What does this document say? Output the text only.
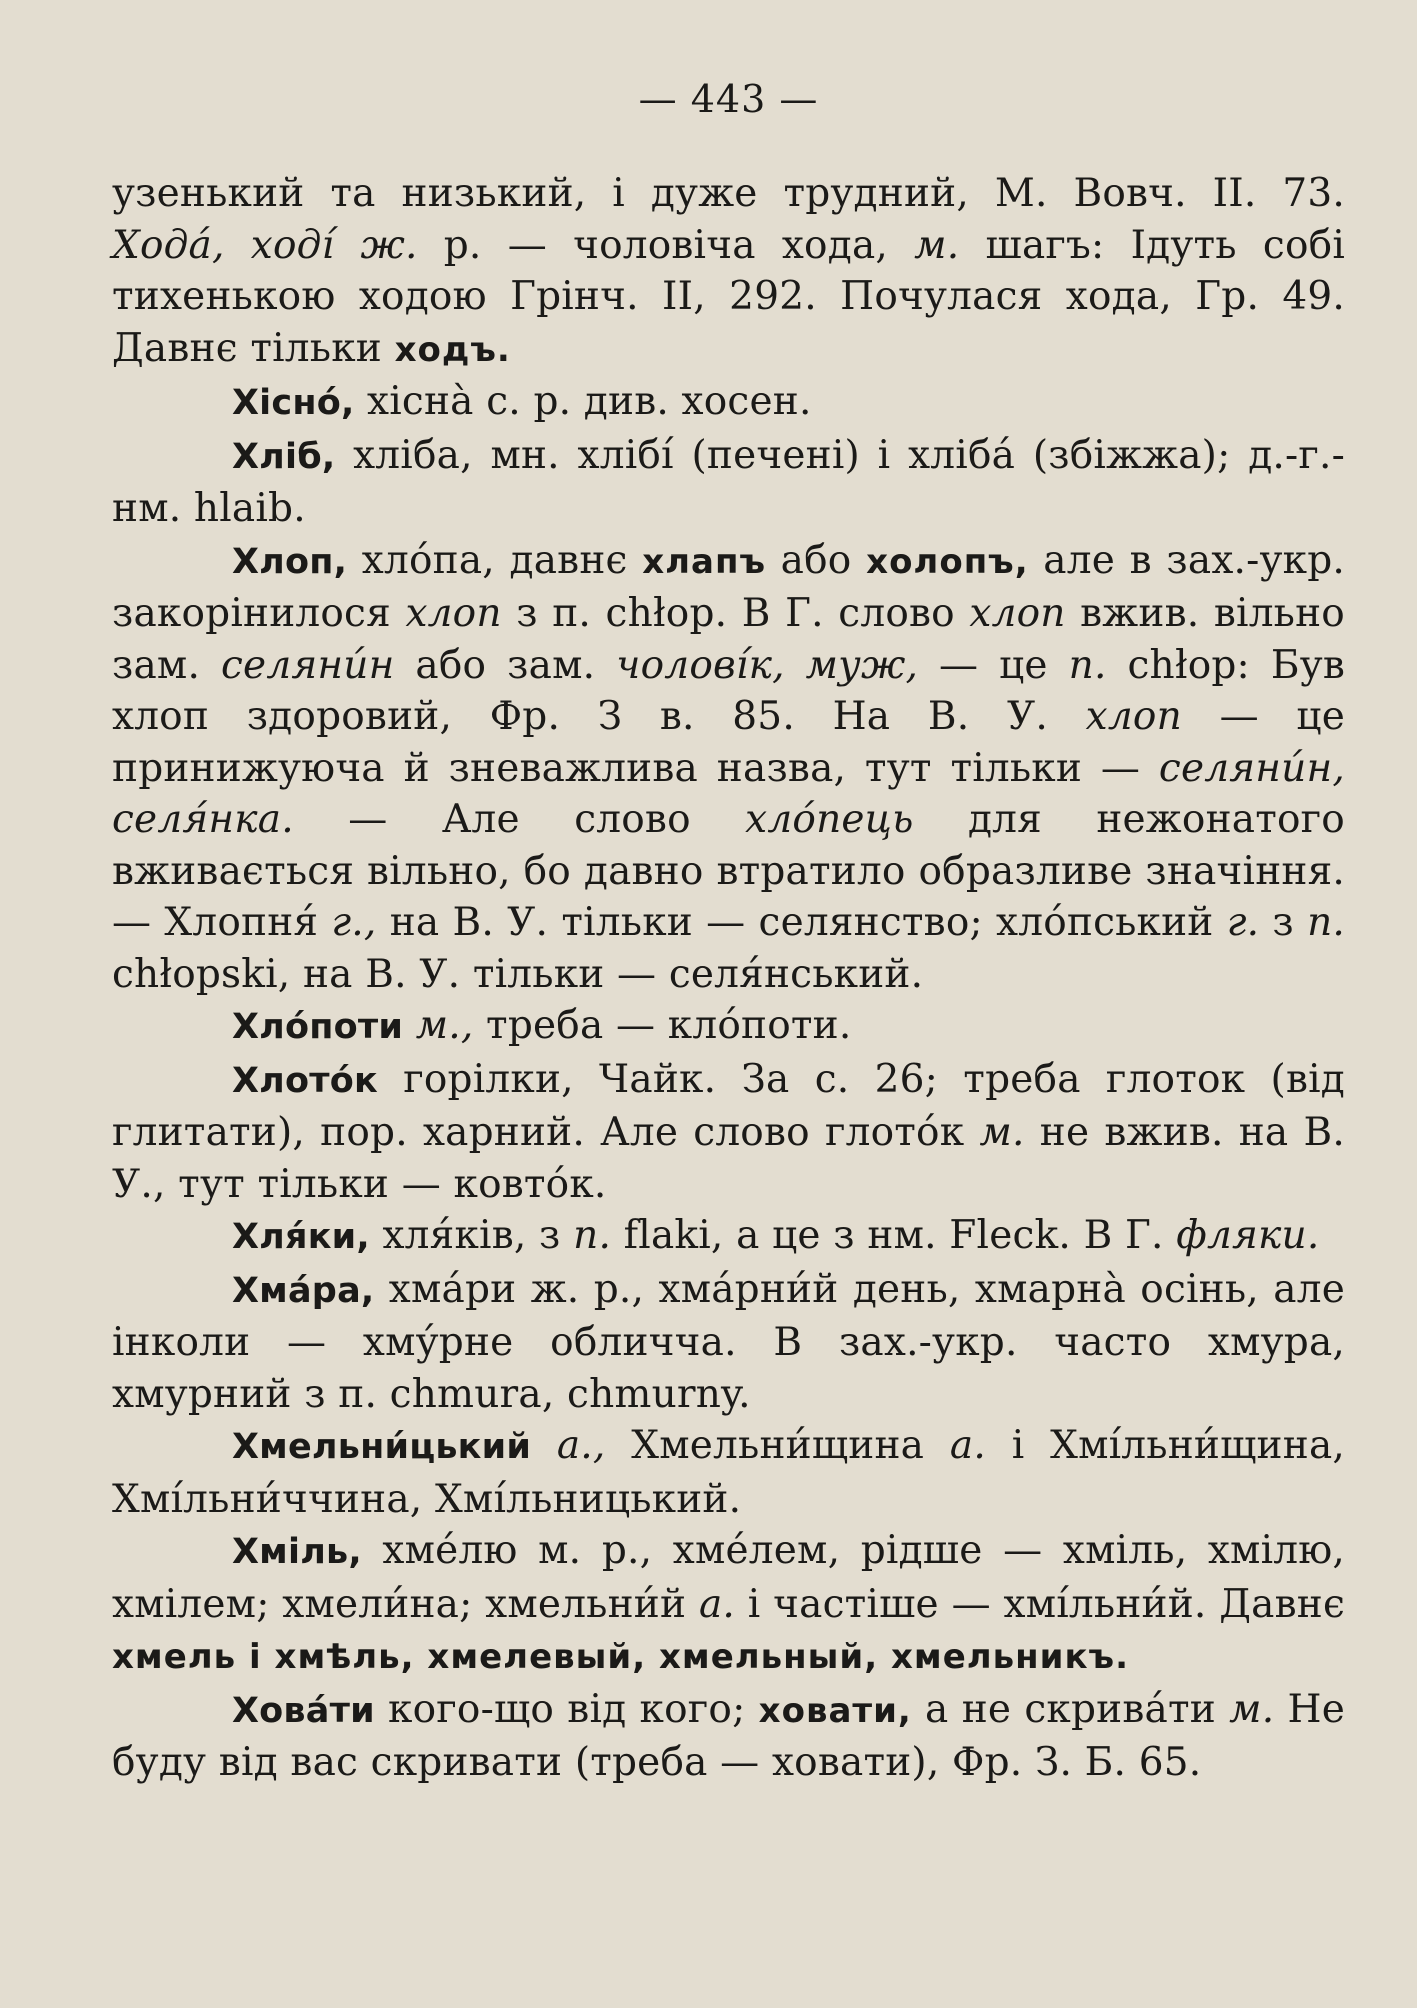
— 443 —

узенький та низький, і дуже трудний, М. Вовч. II. 73. Хода́, ході́ ж. р. — чоловіча хода, м. шагъ: Ідуть собі тихенькою ходою Грінч. II, 292. Почулася хода, Гр. 49. Давнє тільки ходъ.

Хісно́, хісна̀ с. р. див. хосен.

Хліб, хліба, мн. хлібі́ (печені) і хліба́ (збіжжа); д.-г.-нм. hlaib.

Хлоп, хло́па, давнє хлапъ або холопъ, але в зах.-укр. закорінилося хлоп з п. chłop. В Г. слово хлоп вжив. вільно зам. селяни́н або зам. чолові́к, муж, — це п. chłop: Був хлоп здоровий, Фр. З в. 85. На В. У. хлоп — це принижуюча й зневажлива назва, тут тільки — селяни́н, селя́нка. — Але слово хло́пець для нежонатого вживається вільно, бо давно втратило образливе значіння. — Хлопня́ г., на В. У. тільки — селянство; хло́пський г. з п. chłopski, на В. У. тільки — селя́нський.

Хло́поти м., треба — кло́поти.

Хлото́к горілки, Чайк. За с. 26; треба глоток (від глитати), пор. харний. Але слово глото́к м. не вжив. на В. У., тут тільки — ковто́к.

Хля́ки, хля́ків, з п. flaki, а це з нм. Fleck. В Г. фляки.

Хма́ра, хма́ри ж. р., хма́рни́й день, хмарна̀ осінь, але інколи — хму́рне обличча. В зах.-укр. часто хмура, хмурний з п. chmura, chmurny.

Хмельни́цький а., Хмельни́щина а. і Хмі́льни́щина, Хмі́льни́ччина, Хмі́льницький.

Хміль, хме́лю м. р., хме́лем, рідше — хміль, хмілю, хмілем; хмели́на; хмельни́й а. і частіше — хмі́льни́й. Давнє хмель і хмѣль, хмелевый, хмельный, хмельникъ.

Хова́ти кого-що від кого; ховати, а не скрива́ти м. Не буду від вас скривати (треба — ховати), Фр. З. Б. 65.
